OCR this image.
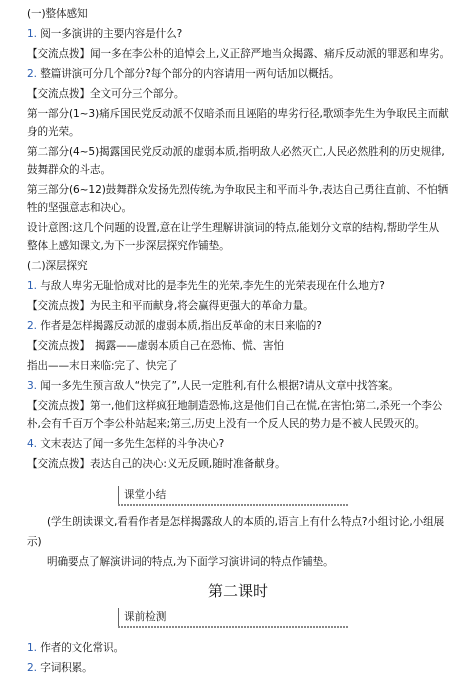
(一)整体感知
1. 阅一多演讲的主要内容是什么?
【交流点拨】闻一多在李公朴的追悼会上,义正辞严地当众揭露、痛斥反动派的罪恶和卑劣。
2. 整篇讲演可分几个部分?每个部分的内容请用一两句话加以概括。
【交流点拨】全文可分三个部分。
第一部分(1~3)痛斥国民党反动派不仅暗杀而且诬陷的卑劣行径,歌颂李先生为争取民主而献
身的光荣。
第二部分(4~5)揭露国民党反动派的虚弱本质,指明敌人必然灭亡,人民必然胜利的历史规律,
鼓舞群众的斗志。
第三部分(6~12)鼓舞群众发扬先烈传统,为争取民主和平而斗争,表达自己勇往直前、不怕牺
牲的坚强意志和决心。
设计意图:这几个问题的设置,意在让学生理解讲演词的特点,能划分文章的结构,帮助学生从
整体上感知课文,为下一步深层探究作铺垫。
(二)深层探究
1. 与敌人卑劣无耻恰成对比的是李先生的光荣,李先生的光荣表现在什么地方?
【交流点拨】为民主和平而献身,将会赢得更强大的革命力量。
2. 作者是怎样揭露反动派的虚弱本质,指出反革命的末日来临的?
【交流点拨】　揭露——虚弱本质自己在恐怖、慌、害怕
指出——末日来临:完了、快完了
3. 闻一多先生预言敌人“快完了”,人民一定胜利,有什么根据?请从文章中找答案。
【交流点拨】第一,他们这样疯狂地制造恐怖,这是他们自己在慌,在害怕;第二,杀死一个李公
朴,会有千百万个李公朴站起来;第三,历史上没有一个反人民的势力是不被人民毁灭的。
4. 文末表达了闻一多先生怎样的斗争决心?
【交流点拨】表达自己的决心:义无反顾,随时准备献身。
(学生朗读课文,看看作者是怎样揭露敌人的本质的,语言上有什么特点?小组讨论,小组展
示)
明确要点了解演讲词的特点,为下面学习演讲词的特点作铺垫。
1. 作者的文化常识。
2. 字词积累。
课堂小结
第二课时
课前检测
